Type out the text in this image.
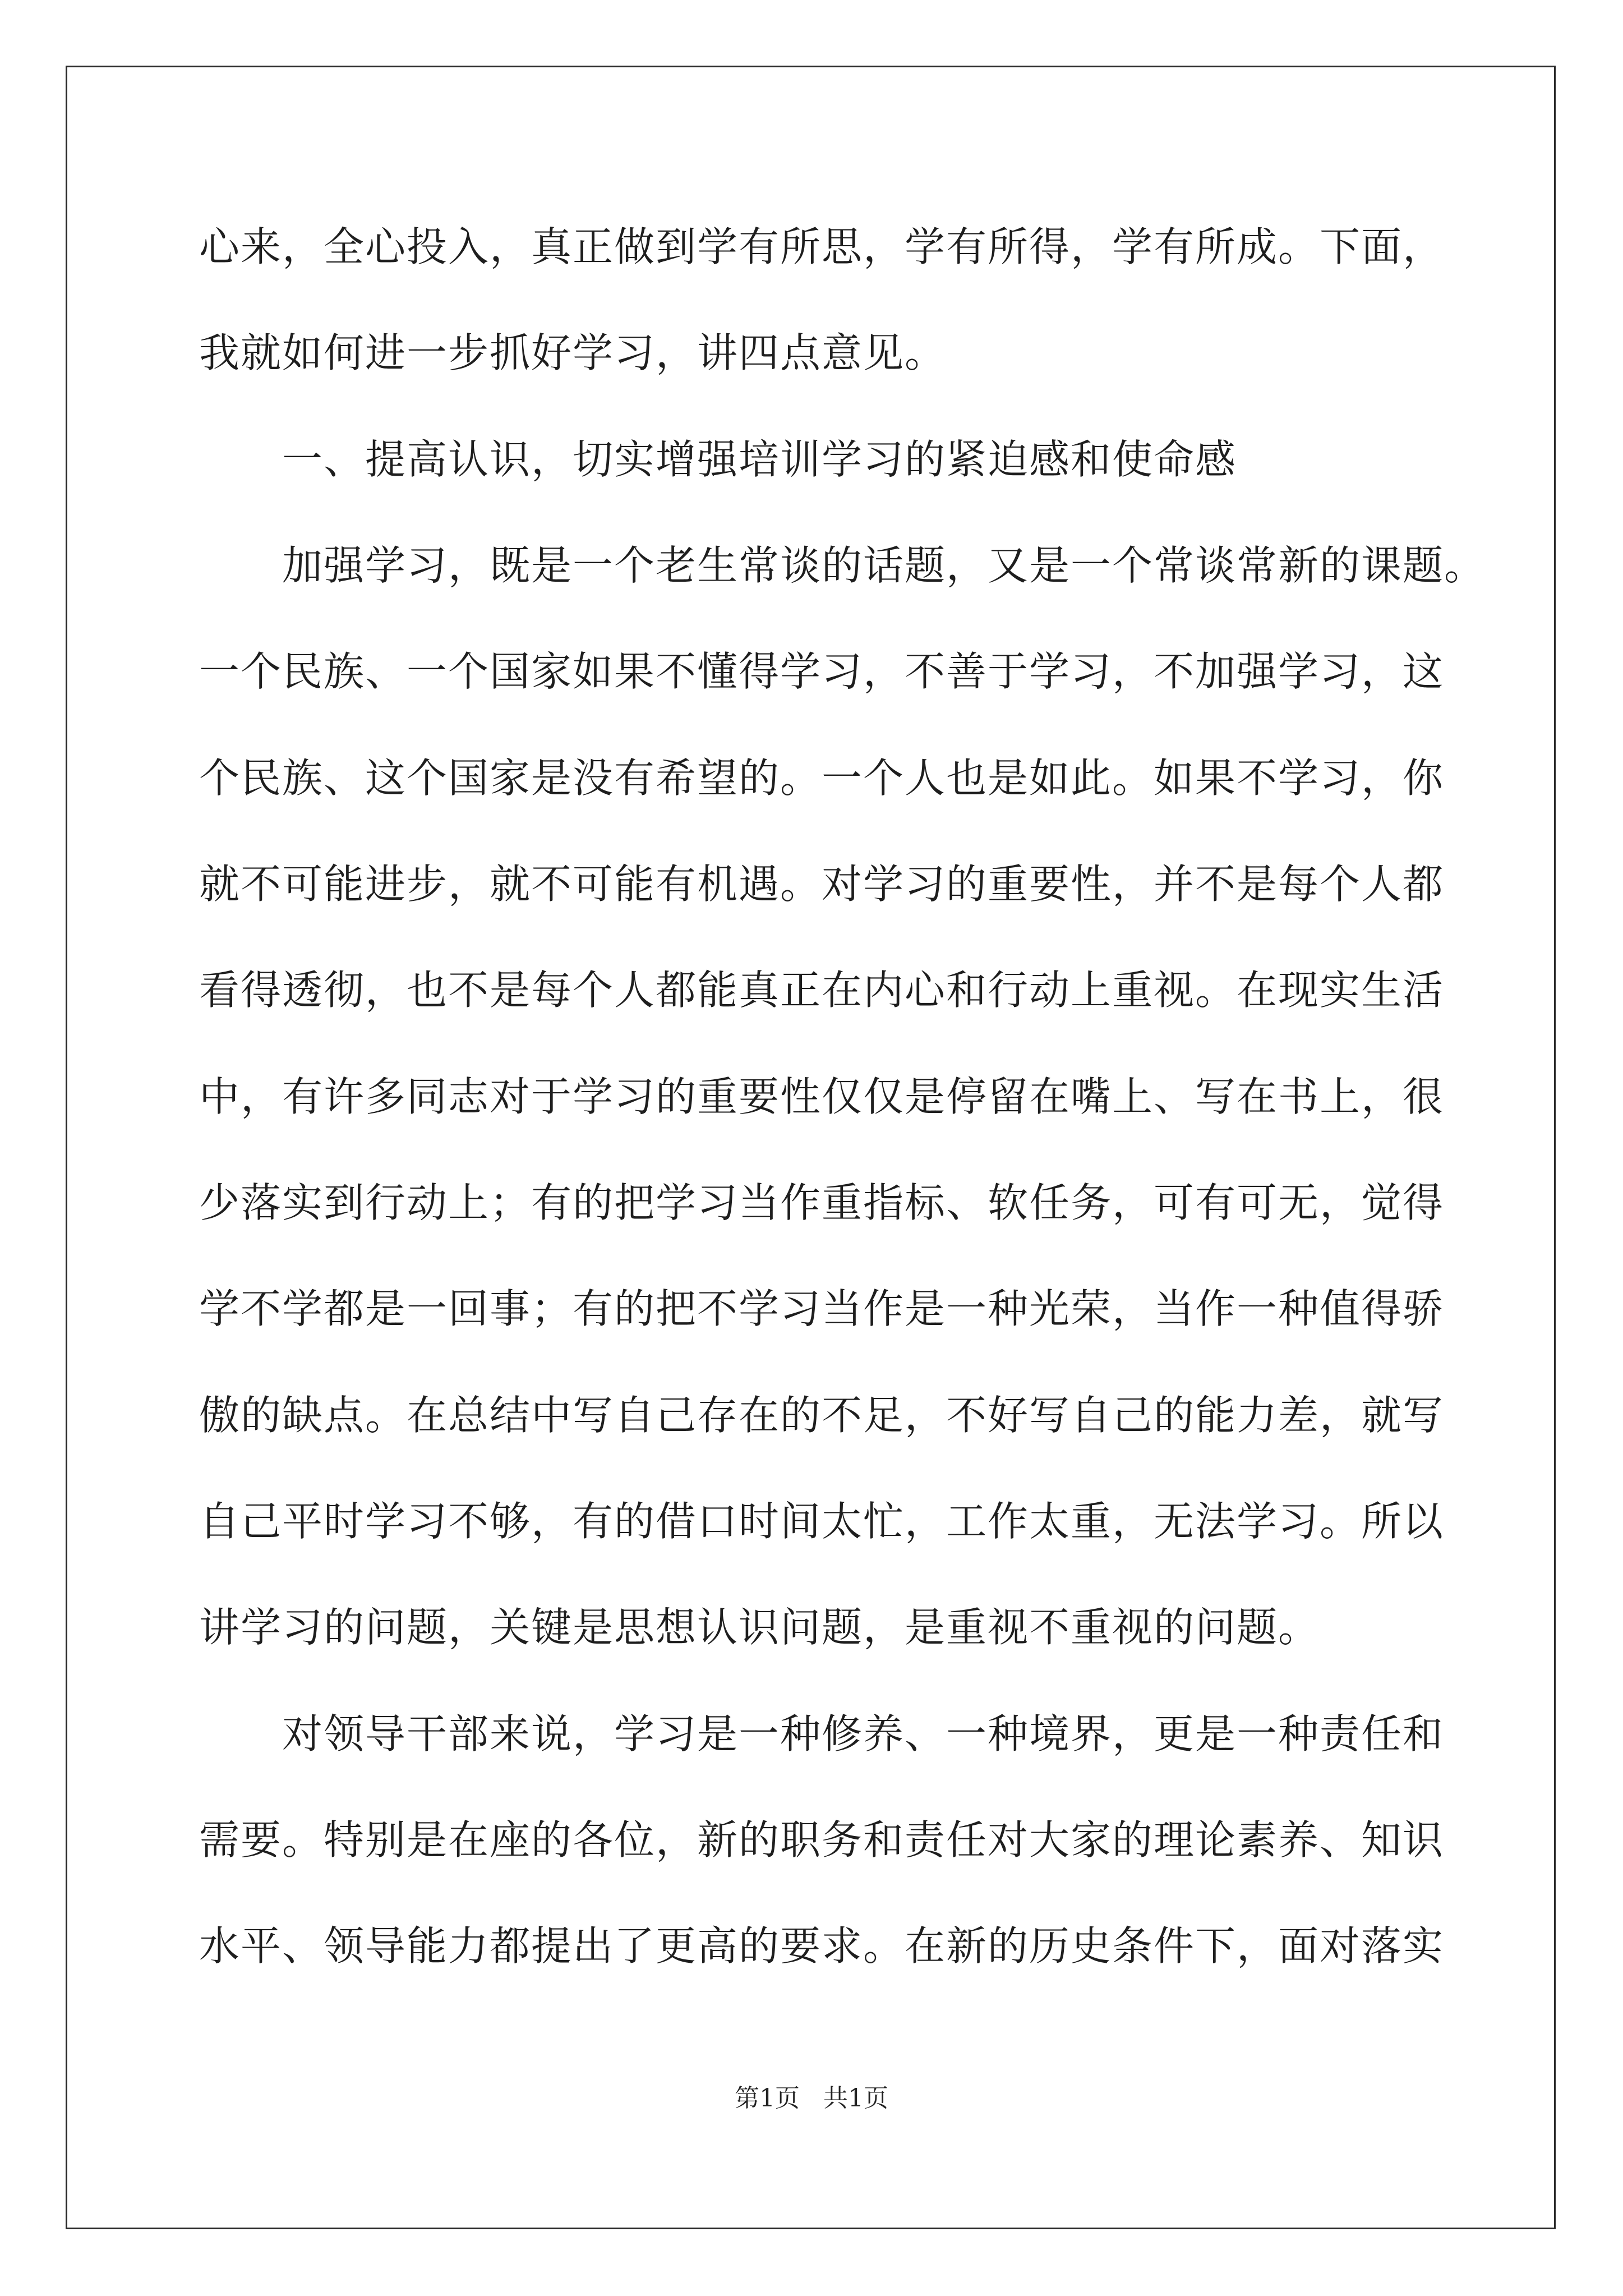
心来，全心投入，真正做到学有所思，学有所得，学有所成。下面，
我就如何进一步抓好学习，讲四点意见。
一、提高认识，切实增强培训学习的紧迫感和使命感
加强学习，既是一个老生常谈的话题，又是一个常谈常新的课题。
一个民族、一个国家如果不懂得学习，不善于学习，不加强学习，这
个民族、这个国家是没有希望的。一个人也是如此。如果不学习，你
就不可能进步，就不可能有机遇。对学习的重要性，并不是每个人都
看得透彻，也不是每个人都能真正在内心和行动上重视。在现实生活
中，有许多同志对于学习的重要性仅仅是停留在嘴上、写在书上，很
少落实到行动上；有的把学习当作重指标、软任务，可有可无，觉得
学不学都是一回事；有的把不学习当作是一种光荣，当作一种值得骄
傲的缺点。在总结中写自己存在的不足，不好写自己的能力差，就写
自己平时学习不够，有的借口时间太忙，工作太重，无法学习。所以
讲学习的问题，关键是思想认识问题，是重视不重视的问题。
对领导干部来说，学习是一种修养、一种境界，更是一种责任和
需要。特别是在座的各位，新的职务和责任对大家的理论素养、知识
水平、领导能力都提出了更高的要求。在新的历史条件下，面对落实
第1页   共1页
